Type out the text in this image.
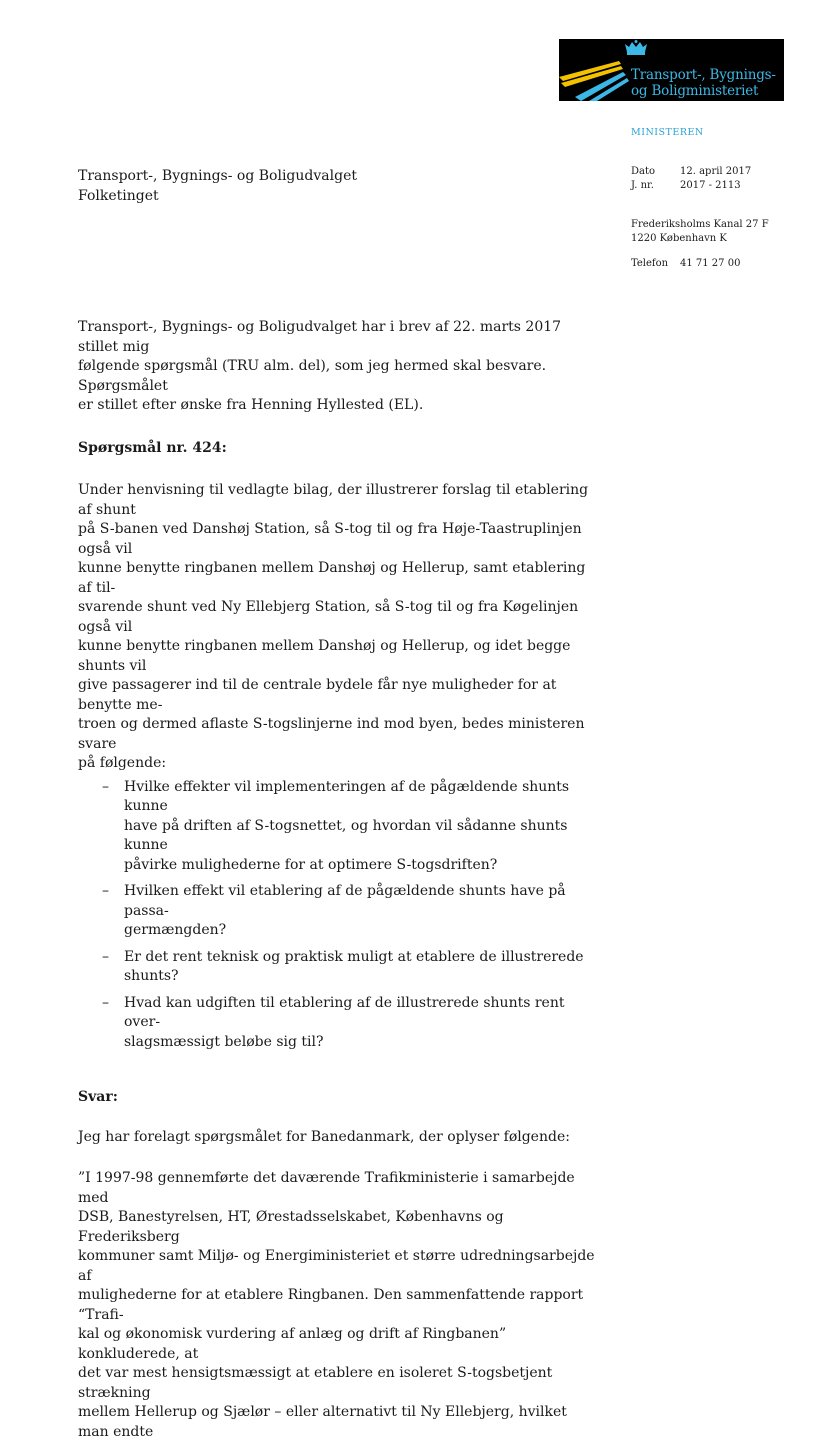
Transport-, Bygnings-
og Boligministeriet
MINISTEREN
Dato 12. april 2017
J. nr.	2017 - 2113
Frederiksholms Kanal 27 F
1220 København K
Telefon 41 71 27 00
Transport-, Bygnings- og Boligudvalget
Folketinget

Transport-, Bygnings- og Boligudvalget har i brev af 22. marts 2017 stillet mig
følgende spørgsmål (TRU alm. del), som jeg hermed skal besvare. Spørgsmålet
er stillet efter ønske fra Henning Hyllested (EL).

Spørgsmål nr. 424:

Under henvisning til vedlagte bilag, der illustrerer forslag til etablering af shunt
på S-banen ved Danshøj Station, så S-tog til og fra Høje-Taastruplinjen også vil
kunne benytte ringbanen mellem Danshøj og Hellerup, samt etablering af til-
svarende shunt ved Ny Ellebjerg Station, så S-tog til og fra Køgelinjen også vil
kunne benytte ringbanen mellem Danshøj og Hellerup, og idet begge shunts vil
give passagerer ind til de centrale bydele får nye muligheder for at benytte me-
troen og dermed aflaste S-togslinjerne ind mod byen, bedes ministeren svare
på følgende:

– Hvilke effekter vil implementeringen af de pågældende shunts kunne
have på driften af S-togsnettet, og hvordan vil sådanne shunts kunne
påvirke mulighederne for at optimere S-togsdriften?
– Hvilken effekt vil etablering af de pågældende shunts have på passa-
germængden?
– Er det rent teknisk og praktisk muligt at etablere de illustrerede
shunts?
– Hvad kan udgiften til etablering af de illustrerede shunts rent over-
slagsmæssigt beløbe sig til?

Svar:

Jeg har forelagt spørgsmålet for Banedanmark, der oplyser følgende:

”I 1997-98 gennemførte det daværende Trafikministerie i samarbejde med
DSB, Banestyrelsen, HT, Ørestadsselskabet, Københavns og Frederiksberg
kommuner samt Miljø- og Energiministeriet et større udredningsarbejde af
mulighederne for at etablere Ringbanen. Den sammenfattende rapport “Trafi-
kal og økonomisk vurdering af anlæg og drift af Ringbanen” konkluderede, at
det var mest hensigtsmæssigt at etablere en isoleret S-togsbetjent strækning
mellem Hellerup og Sjælør – eller alternativt til Ny Ellebjerg, hvilket man endte
